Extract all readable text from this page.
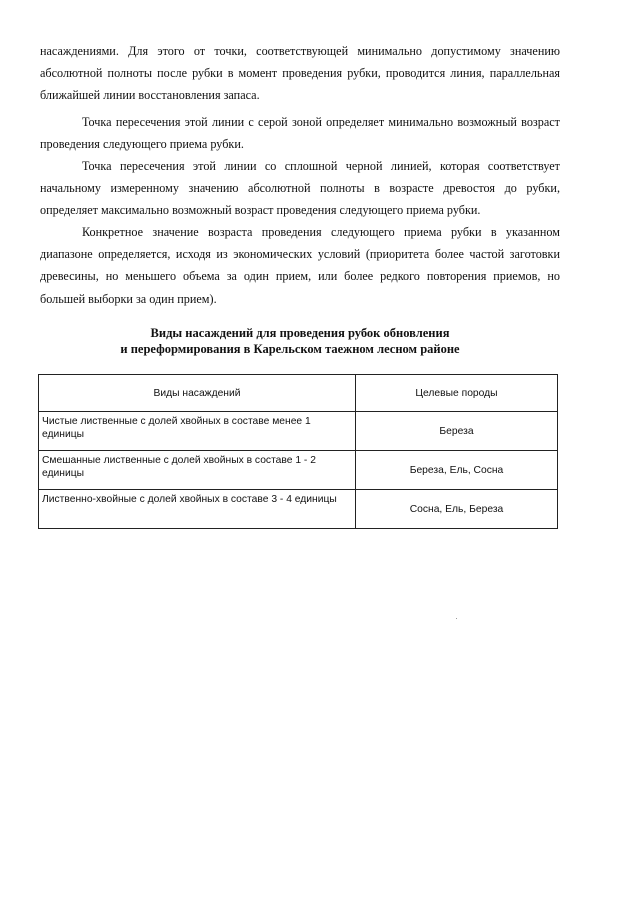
насаждениями. Для этого от точки, соответствующей минимально допустимому значению абсолютной полноты после рубки в момент проведения рубки, проводится линия, параллельная ближайшей линии восстановления запаса.

Точка пересечения этой линии с серой зоной определяет минимально возможный возраст проведения следующего приема рубки.

Точка пересечения этой линии со сплошной черной линией, которая соответствует начальному измеренному значению абсолютной полноты в возрасте древостоя до рубки, определяет максимально возможный возраст проведения следующего приема рубки.

Конкретное значение возраста проведения следующего приема рубки в указанном диапазоне определяется, исходя из экономических условий (приоритета более частой заготовки древесины, но меньшего объема за один прием, или более редкого повторения приемов, но большей выборки за один прием).

Виды насаждений для проведения рубок обновления

и переформирования в Карельском таежном лесном районе

Виды насаждений	Целевые породы
Чистые лиственные с долей хвойных в составе менее 1 единицы	Береза
Смешанные лиственные с долей хвойных в составе 1 - 2 единицы	Береза, Ель, Сосна
Лиственно-хвойные с долей хвойных в составе 3 - 4 единицы	Сосна, Ель, Береза
